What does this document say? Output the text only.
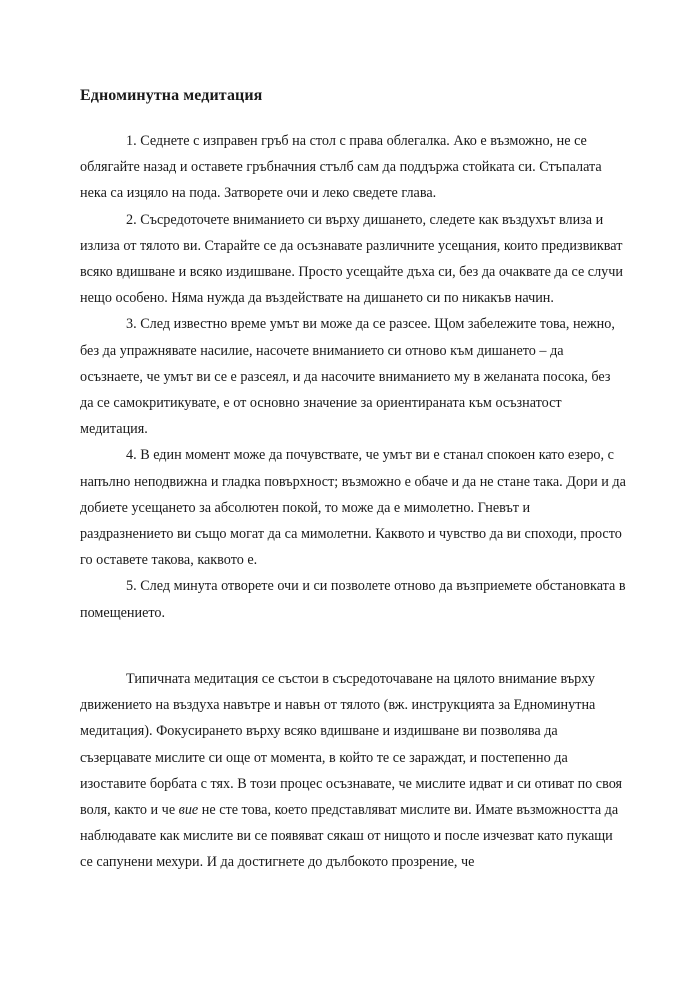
Едноминутна медитация

1. Седнете с изправен гръб на стол с права облегалка. Ако е възможно, не се облягайте назад и оставете гръбначния стълб сам да поддържа стойката си. Стъпалата нека са изцяло на пода. Затворете очи и леко сведете глава.

2. Съсредоточете вниманието си върху дишането, следете как въздухът влиза и излиза от тялото ви. Старайте се да осъзнавате различните усещания, които предизвикват всяко вдишване и всяко издишване. Просто усещайте дъха си, без да очаквате да се случи нещо особено. Няма нужда да въздействате на дишането си по никакъв начин.

3. След известно време умът ви може да се разсее. Щом забележите това, нежно, без да упражнявате насилие, насочете вниманието си отново към дишането – да осъзнаете, че умът ви се е разсеял, и да насочите вниманието му в желаната посока, без да се самокритикувате, е от основно значение за ориентираната към осъзнатост медитация.

4. В един момент може да почувствате, че умът ви е станал спокоен като езеро, с напълно неподвижна и гладка повърхност; възможно е обаче и да не стане така. Дори и да добиете усещането за абсолютен покой, то може да е мимолетно. Гневът и раздразнението ви също могат да са мимолетни. Каквото и чувство да ви споходи, просто го оставете такова, каквото е.

5. След минута отворете очи и си позволете отново да възприемете обстановката в помещението.

Типичната медитация се състои в съсредоточаване на цялото внимание върху движението на въздуха навътре и навън от тялото (вж. инструкцията за Едноминутна медитация). Фокусирането върху всяко вдишване и издишване ви позволява да съзерцавате мислите си още от момента, в който те се зараждат, и постепенно да изоставите борбата с тях. В този процес осъзнавате, че мислите идват и си отиват по своя воля, както и че вие не сте това, което представляват мислите ви. Имате възможността да наблюдавате как мислите ви се появяват сякаш от нищото и после изчезват като пукащи се сапунени мехури. И да достигнете до дълбокото прозрение, че
